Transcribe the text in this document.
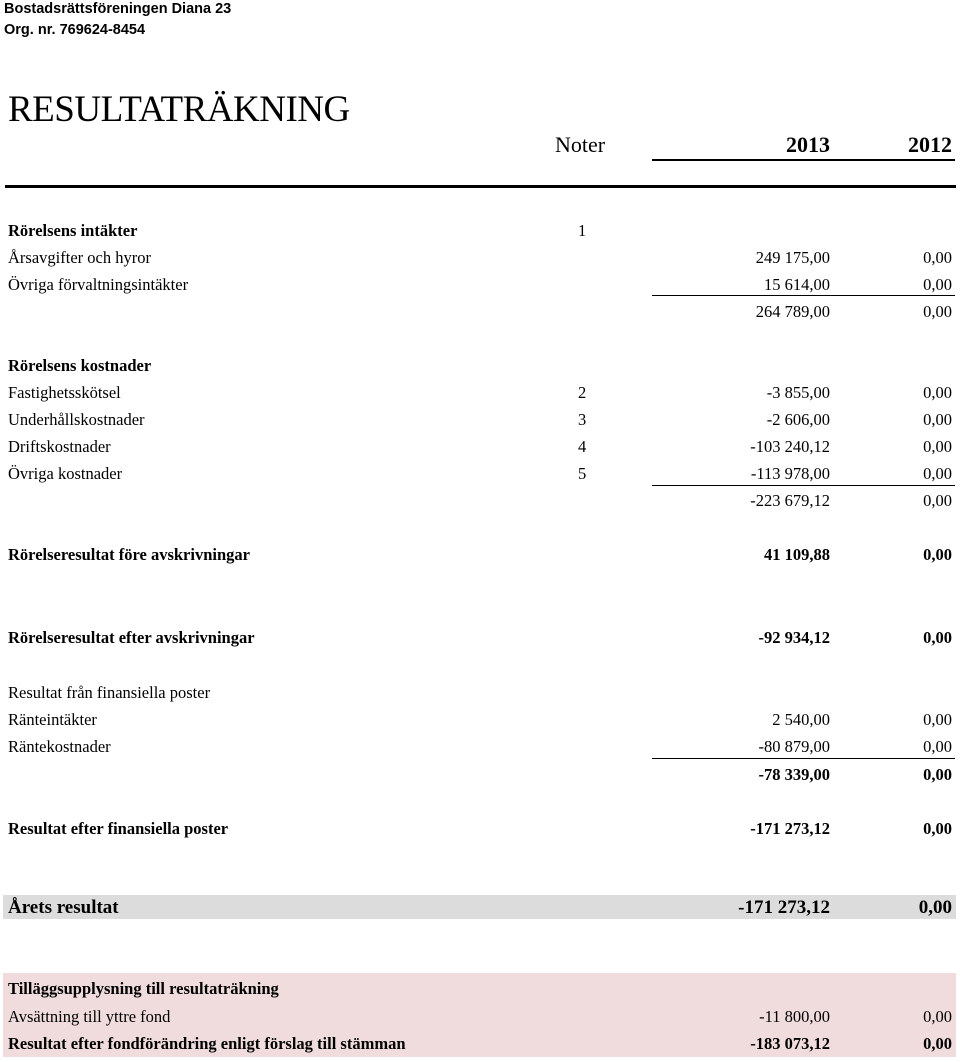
Bostadsrättsföreningen Diana 23
Org. nr. 769624-8454
RESULTATRÄKNING
Noter	2013	2012
Rörelsens intäkter	1
Årsavgifter och hyror	249 175,00	0,00
Övriga förvaltningsintäkter	15 614,00	0,00
264 789,00	0,00
Rörelsens kostnader
Fastighetsskötsel	2	-3 855,00	0,00
Underhållskostnader	3	-2 606,00	0,00
Driftskostnader	4	-103 240,12	0,00
Övriga kostnader	5	-113 978,00	0,00
-223 679,12	0,00
Rörelseresultat före avskrivningar	41 109,88	0,00
Rörelseresultat efter avskrivningar	-92 934,12	0,00
Resultat från finansiella poster
Ränteintäkter	2 540,00	0,00
Räntekostnader	-80 879,00	0,00
-78 339,00	0,00
Resultat efter finansiella poster	-171 273,12	0,00
Årets resultat	-171 273,12	0,00
Tilläggsupplysning till resultaträkning
Avsättning till yttre fond	-11 800,00	0,00
Resultat efter fondförändring enligt förslag till stämman	-183 073,12	0,00
